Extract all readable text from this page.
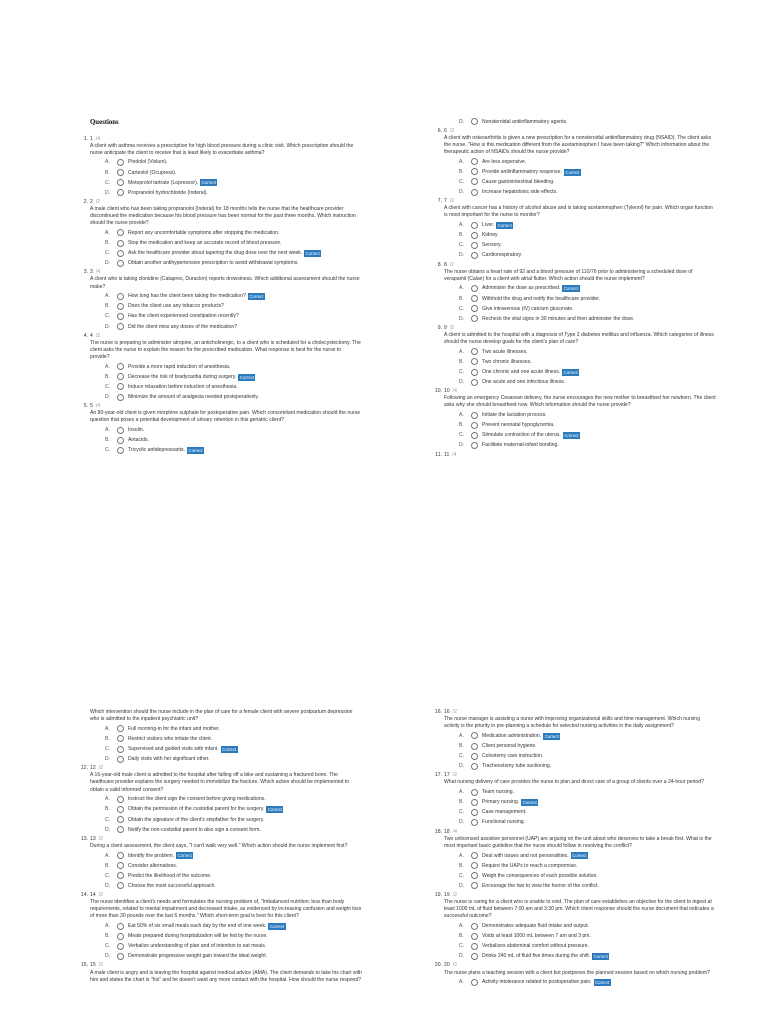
Questions
1. 1 /4
A client with asthma receives a prescription for high blood pressure during a clinic visit. Which prescription should the nurse anticipate the client to receive that is least likely to exacerbate asthma?
A.	Pindolol (Visken).
B.	Carteolol (Ocupress).
C.	Metoprolol tartrate (Lopressor). Correct
D.	Propranolol hydrochloride (Inderal).
2. 2 /2
A male client who has been taking propranolol (Inderal) for 18 months tells the nurse that the healthcare provider discontinued the medication because his blood pressure has been normal for the past three months. Which instruction should the nurse provide?
A.	Report any uncomfortable symptoms after stopping the medication.
B.	Stop the medication and keep an accurate record of blood pressure.
C.	Ask the healthcare provider about tapering the drug dose over the next week. Correct
D.	Obtain another antihypertensive prescription to avoid withdrawal symptoms.
3. 3 /4
A client who is taking clonidine (Catapres, Duraclon) reports drowsiness. Which additional assessment should the nurse make?
A.	How long has the client been taking the medication? Correct
B.	Does the client use any tobacco products?
C.	Has the client experienced constipation recently?
D.	Did the client miss any doses of the medication?
4. 4 /2
The nurse is preparing to administer atropine, an anticholinergic, to a client who is scheduled for a cholecystectomy. The client asks the nurse to explain the reason for the prescribed medication. What response is best for the nurse to provide?
A.	Provide a more rapid induction of anesthesia.
B.	Decrease the risk of bradycardia during surgery. Correct
C.	Induce relaxation before induction of anesthesia.
D.	Minimize the amount of analgesia needed postoperatively.
5. 5 /4
An 80-year-old client is given morphine sulphate for postoperative pain. Which concomitant medication should the nurse question that poses a potential development of urinary retention in this geriatric client?
A.	Insulin.
B.	Antacids.
C.	Tricyclic antidepressants. Correct
D.	Nonsteroidal antiinflammatory agents.
6. 6 /2
A client with osteoarthritis is given a new prescription for a nonsteroidal antiinflammatory drug (NSAID). The client asks the nurse, "How is this medication different from the acetaminophen I have been taking?" Which information about the therapeutic action of NSAIDs should the nurse provide?
A.	Are less expensive.
B.	Provide antiinflammatory response. Correct
C.	Cause gastrointestinal bleeding.
D.	Increase hepatotoxic side effects.
7. 7 /2
A client with cancer has a history of alcohol abuse and is taking acetaminophen (Tylenol) for pain. Which organ function is most important for the nurse to monitor?
A.	Liver. Correct
B.	Kidney.
C.	Sensory.
D.	Cardiorespiratory.
8. 8 /2
The nurse obtains a heart rate of 92 and a blood pressure of 110/76 prior to administering a scheduled dose of verapamil (Calan) for a client with atrial flutter. Which action should the nurse implement?
A.	Administer the dose as prescribed. Correct
B.	Withhold the drug and notify the healthcare provider.
C.	Give intravenous (IV) calcium gluconate.
D.	Recheck the vital signs in 30 minutes and then administer the dose.
9. 9 /2
A client is admitted to the hospital with a diagnosis of Type 2 diabetes mellitus and influenza. Which categories of illness should the nurse develop goals for the client's plan of care?
A.	Two acute illnesses.
B.	Two chronic illnesses.
C.	One chronic and one acute illness. Correct
D.	One acute and one infectious illness.
10. 10 /4
Following an emergency Cesarean delivery, the nurse encourages the new mother to breastfeed her newborn. The client asks why she should breastfeed now. Which information should the nurse provide?
A.	Initiate the lactation process.
B.	Prevent neonatal hypoglycemia.
C.	Stimulate contraction of the uterus. Correct
D.	Facilitate maternal-infant bonding.
11. 11 /4
Which intervention should the nurse include in the plan of care for a female client with severe postpartum depression who is admitted to the inpatient psychiatric unit?
A.	Full rooming-in for the infant and mother.
B.	Restrict visitors who irritate the client.
C.	Supervised and guided visits with infant. Correct
D.	Daily visits with her significant other.
12. 12 /2
A 16-year-old male client is admitted to the hospital after falling off a bike and sustaining a fractured bone. The healthcare provider explains the surgery needed to immobilize the fracture. Which action should be implemented to obtain a valid informed consent?
A.	Instruct the client sign the consent before giving medications.
B.	Obtain the permission of the custodial parent for the surgery. Correct
C.	Obtain the signature of the client's stepfather for the surgery.
D.	Notify the non-custodial parent to also sign a consent form.
13. 13 /2
During a client assessment, the client says, "I can't walk very well." Which action should the nurse implement first?
A.	Identify the problem. Correct
B.	Consider alternatives.
C.	Predict the likelihood of the outcome.
D.	Choose the most successful approach.
14. 14 /2
The nurse identifies a client's needs and formulates the nursing problem of, "Imbalanced nutrition: less than body requirements, related to mental impairment and decreased intake, as evidenced by increasing confusion and weight loss of more than 30 pounds over the last 6 months." Which short-term goal is best for this client?
A.	Eat 50% of six small meals each day by the end of one week. Correct
B.	Meals prepared during hospitalization will be fed by the nurse.
C.	Verbalize understanding of plan and of intention to eat meals.
D.	Demonstrate progressive weight gain toward the ideal weight.
15. 15 /2
A male client is angry and is leaving the hospital against medical advice (AMA). The client demands to take his chart with him and states the chart is "his" and he doesn't want any more contact with the hospital. How should the nurse respond?
16. 16 /2
The nurse manager is assisting a nurse with improving organizational skills and time management. Which nursing activity is the priority in pre-planning a schedule for selected nursing activities in the daily assignment?
A.	Medication administration. Correct
B.	Client personal hygiene.
C.	Colostomy care instruction.
D.	Tracheostomy tube suctioning.
17. 17 /2
What nursing delivery of care provides the nurse to plan and direct care of a group of clients over a 24-hour period?
A.	Team nursing.
B.	Primary nursing. Correct
C.	Case management.
D.	Functional nursing.
18. 18 /4
Two unlicensed assistive personnel (UAP) are arguing on the unit about who deserves to take a break first. What is the most important basic guideline that the nurse should follow in resolving the conflict?
A.	Deal with issues and not personalities. Correct
B.	Require the UAPs to reach a compromise.
C.	Weigh the consequences of each possible solution.
D.	Encourage the two to view the humor of the conflict.
19. 19 /2
The nurse is caring for a client who is unable to void. The plan of care establishes an objective for the client to ingest at least 1000 mL of fluid between 7:00 am and 3:30 pm. Which client response should the nurse document that indicates a successful outcome?
A.	Demonstrates adequate fluid intake and output.
B.	Voids at least 1000 mL between 7 am and 3 pm.
C.	Verbalizes abdominal comfort without pressure.
D.	Drinks 240 mL of fluid five times during the shift. Correct
20. 20 /2
The nurse plans a teaching session with a client but postpones the planned session based on which nursing problem?
A.	Activity intolerance related to postoperative pain. Correct
